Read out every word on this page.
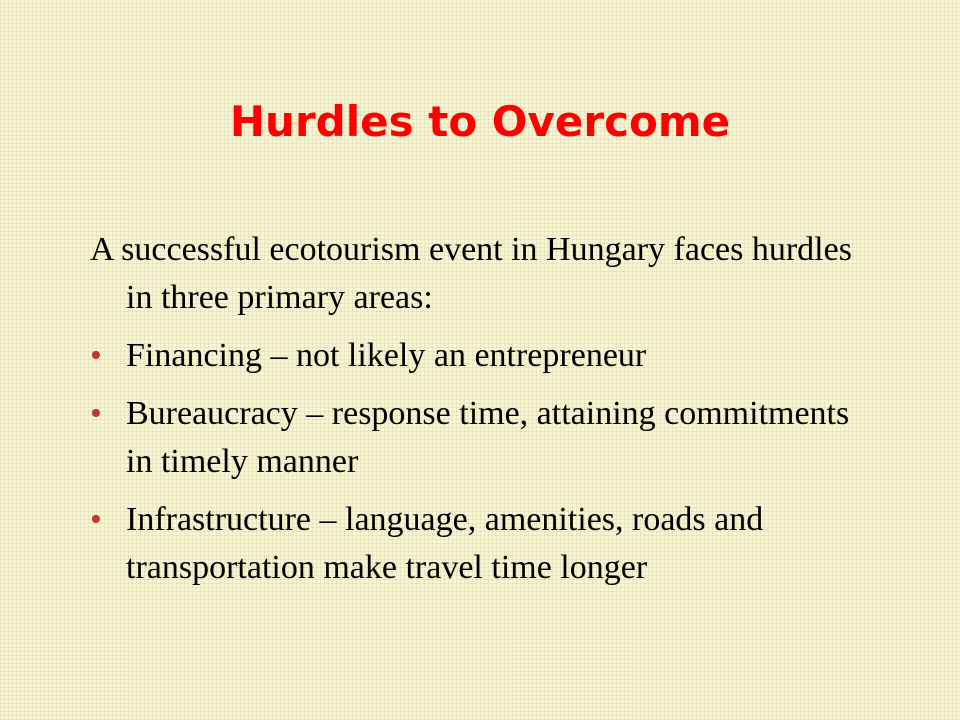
Hurdles to Overcome

A successful ecotourism event in Hungary faces hurdles in three primary areas:

• Financing – not likely an entrepreneur
• Bureaucracy – response time, attaining commitments in timely manner
• Infrastructure – language, amenities, roads and transportation make travel time longer
